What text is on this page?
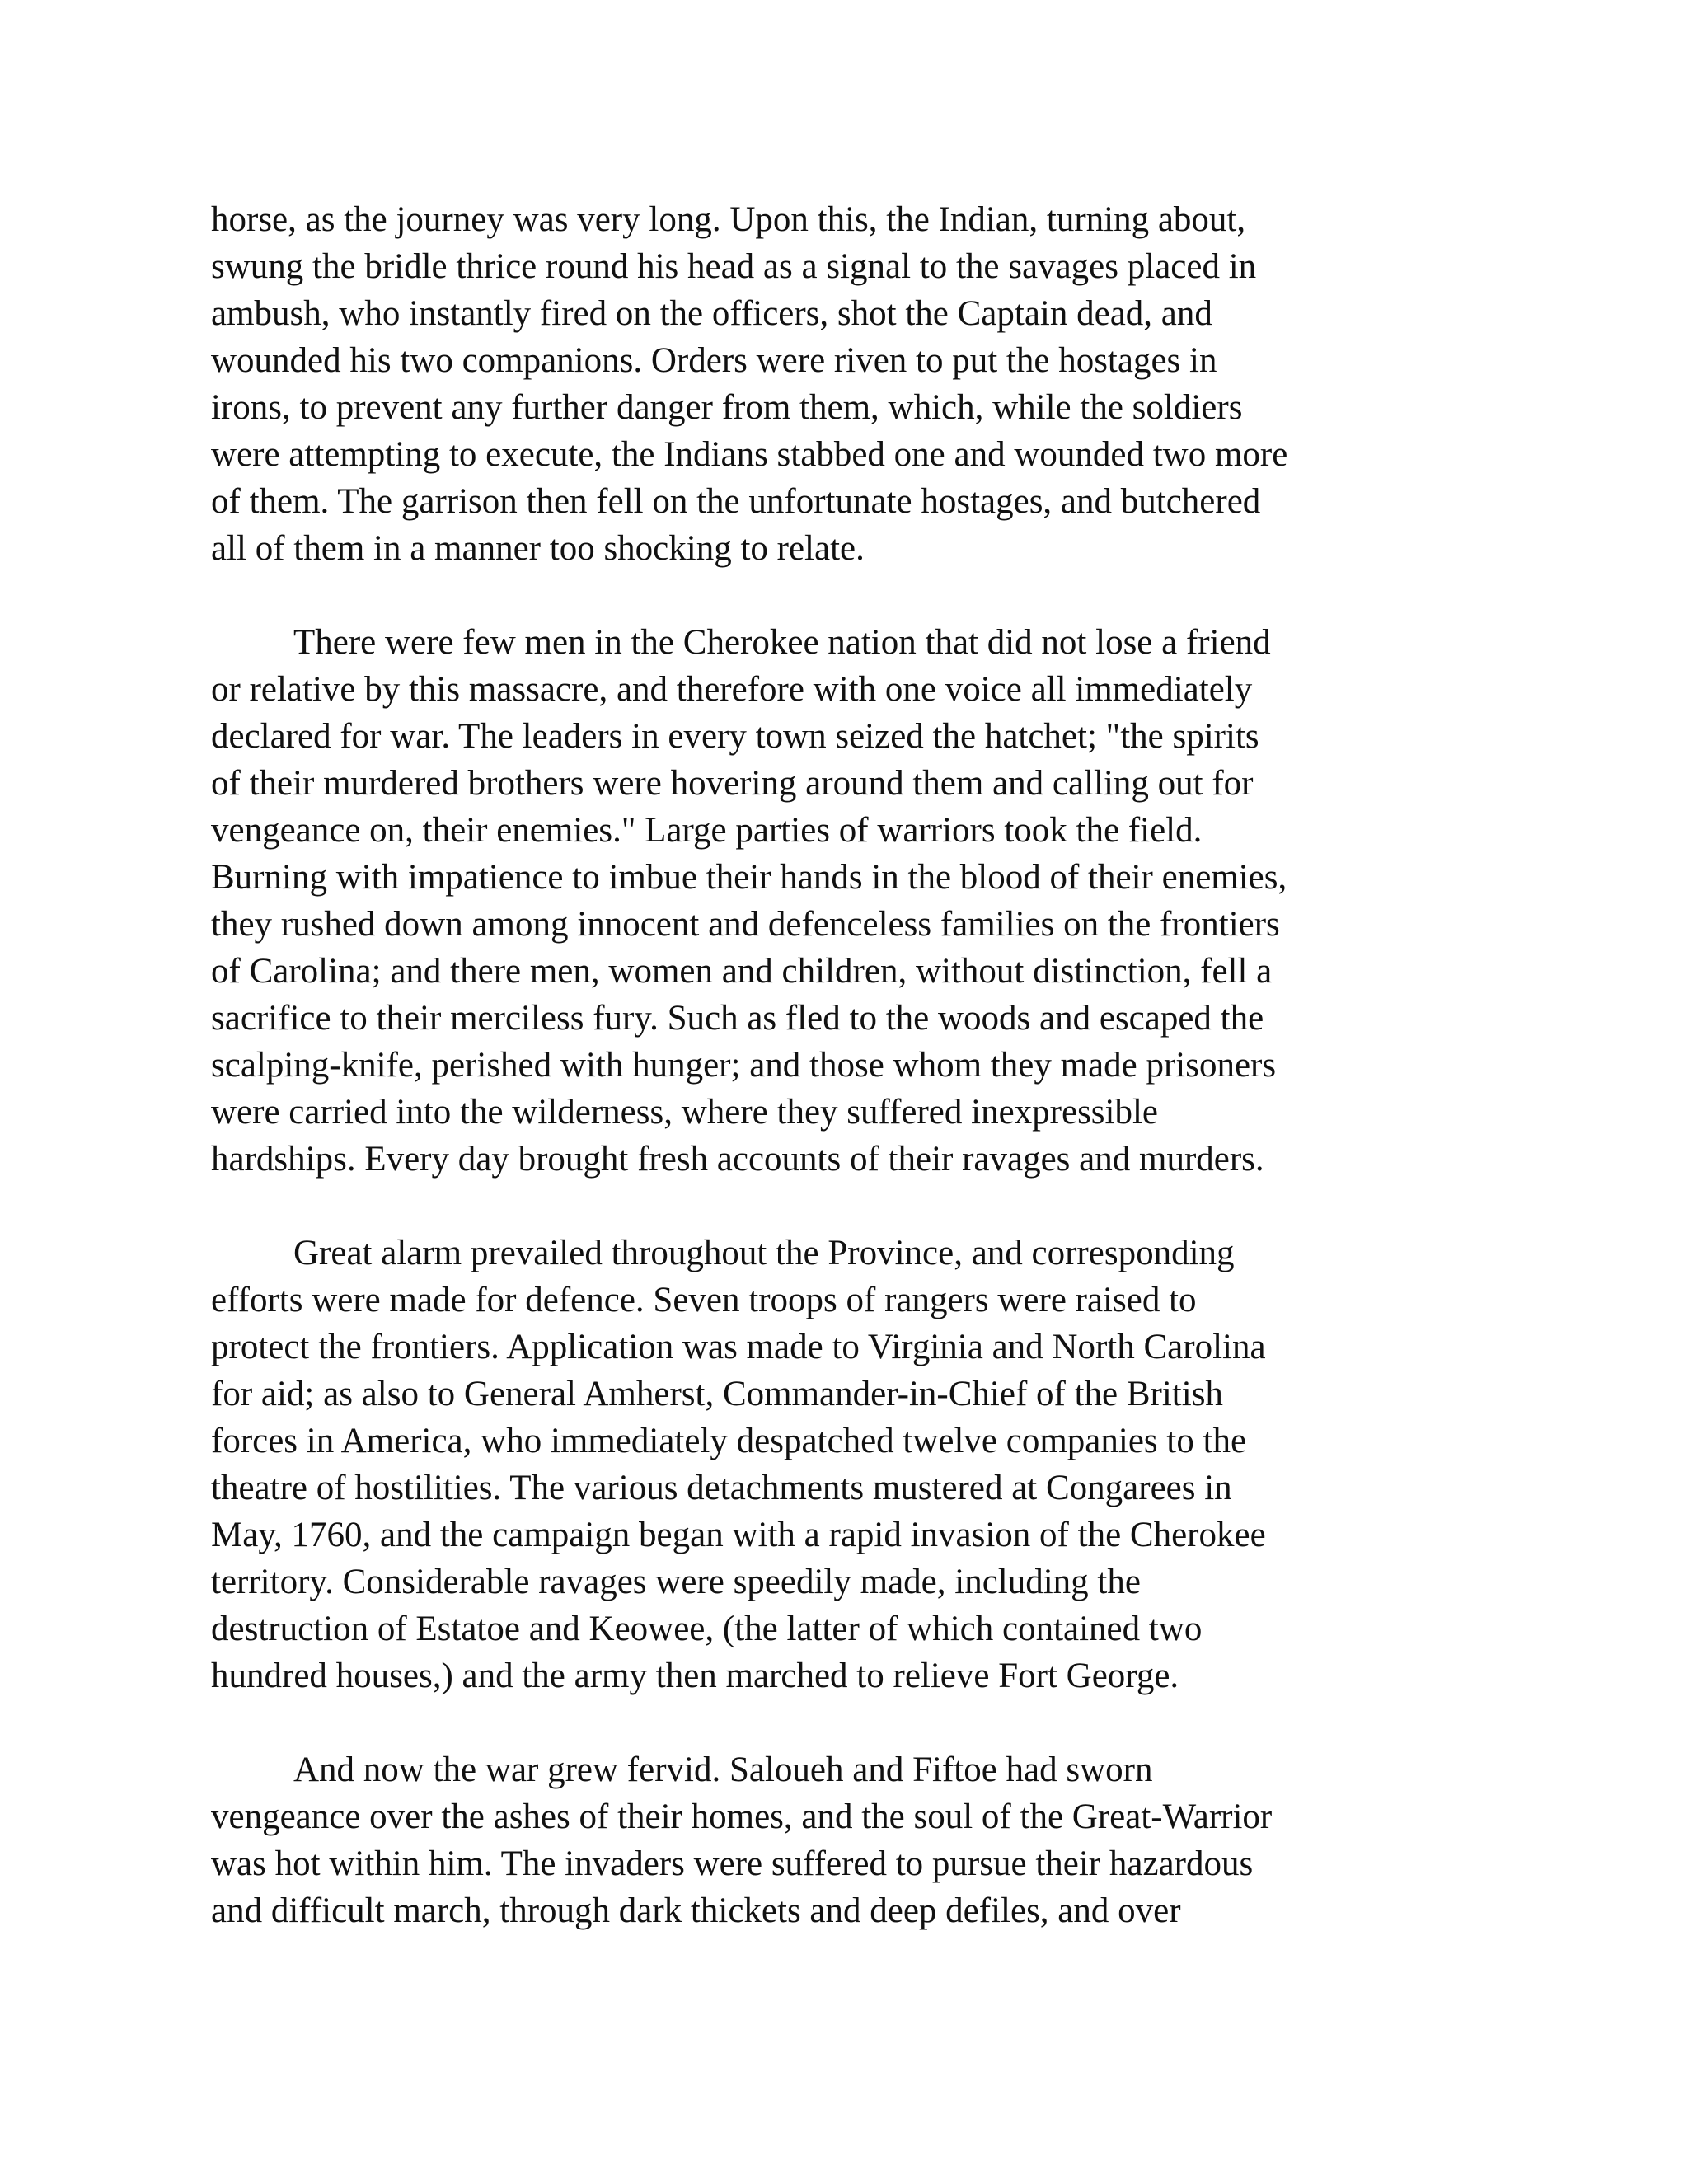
horse, as the journey was very long. Upon this, the Indian, turning about,
swung the bridle thrice round his head as a signal to the savages placed in
ambush, who instantly fired on the officers, shot the Captain dead, and
wounded his two companions. Orders were riven to put the hostages in
irons, to prevent any further danger from them, which, while the soldiers
were attempting to execute, the Indians stabbed one and wounded two more
of them. The garrison then fell on the unfortunate hostages, and butchered
all of them in a manner too shocking to relate.
There were few men in the Cherokee nation that did not lose a friend
or relative by this massacre, and therefore with one voice all immediately
declared for war. The leaders in every town seized the hatchet; "the spirits
of their murdered brothers were hovering around them and calling out for
vengeance on, their enemies." Large parties of warriors took the field.
Burning with impatience to imbue their hands in the blood of their enemies,
they rushed down among innocent and defenceless families on the frontiers
of Carolina; and there men, women and children, without distinction, fell a
sacrifice to their merciless fury. Such as fled to the woods and escaped the
scalping-knife, perished with hunger; and those whom they made prisoners
were carried into the wilderness, where they suffered inexpressible
hardships. Every day brought fresh accounts of their ravages and murders.
Great alarm prevailed throughout the Province, and corresponding
efforts were made for defence. Seven troops of rangers were raised to
protect the frontiers. Application was made to Virginia and North Carolina
for aid; as also to General Amherst, Commander-in-Chief of the British
forces in America, who immediately despatched twelve companies to the
theatre of hostilities. The various detachments mustered at Congarees in
May, 1760, and the campaign began with a rapid invasion of the Cherokee
territory. Considerable ravages were speedily made, including the
destruction of Estatoe and Keowee, (the latter of which contained two
hundred houses,) and the army then marched to relieve Fort George.
And now the war grew fervid. Saloueh and Fiftoe had sworn
vengeance over the ashes of their homes, and the soul of the Great-Warrior
was hot within him. The invaders were suffered to pursue their hazardous
and difficult march, through dark thickets and deep defiles, and over
